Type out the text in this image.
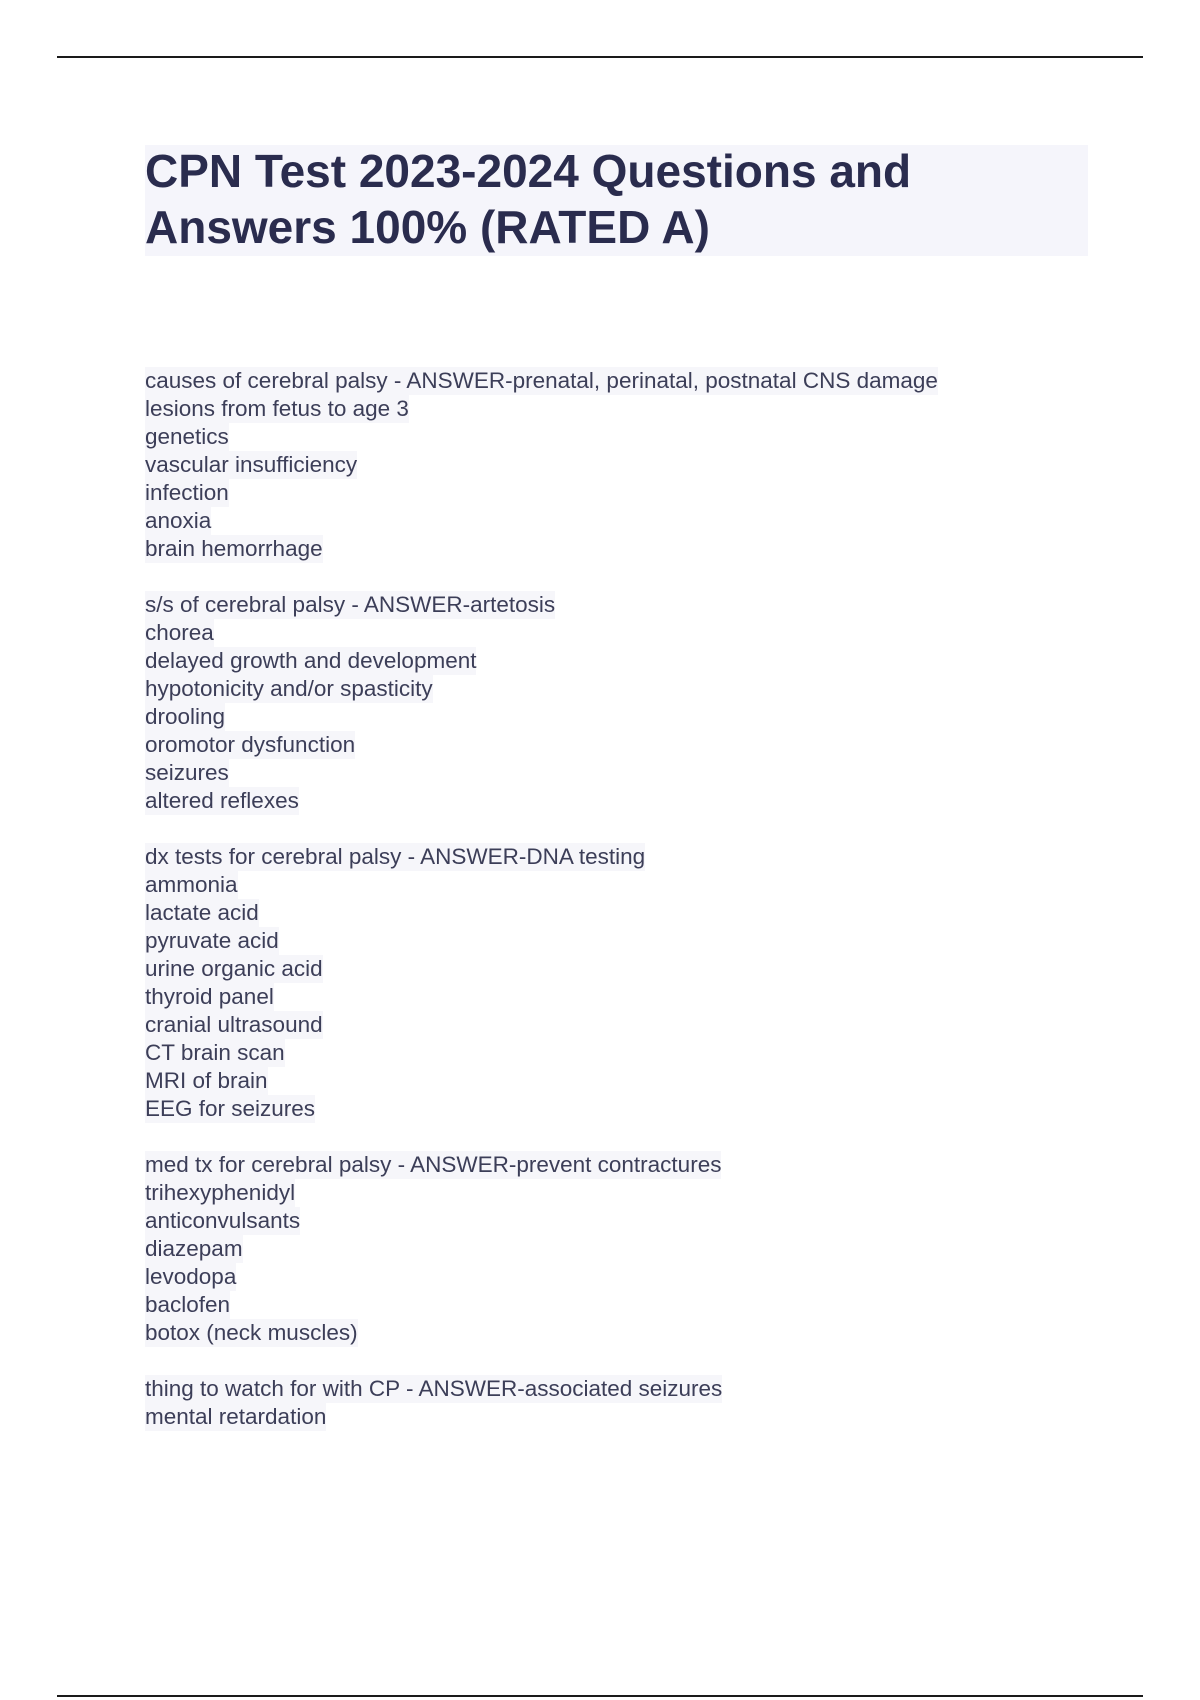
CPN Test 2023-2024 Questions and
Answers 100% (RATED A)
causes of cerebral palsy - ANSWER-prenatal, perinatal, postnatal CNS damage
lesions from fetus to age 3
genetics
vascular insufficiency
infection
anoxia
brain hemorrhage
s/s of cerebral palsy - ANSWER-artetosis
chorea
delayed growth and development
hypotonicity and/or spasticity
drooling
oromotor dysfunction
seizures
altered reflexes
dx tests for cerebral palsy - ANSWER-DNA testing
ammonia
lactate acid
pyruvate acid
urine organic acid
thyroid panel
cranial ultrasound
CT brain scan
MRI of brain
EEG for seizures
med tx for cerebral palsy - ANSWER-prevent contractures
trihexyphenidyl
anticonvulsants
diazepam
levodopa
baclofen
botox (neck muscles)
thing to watch for with CP - ANSWER-associated seizures
mental retardation
